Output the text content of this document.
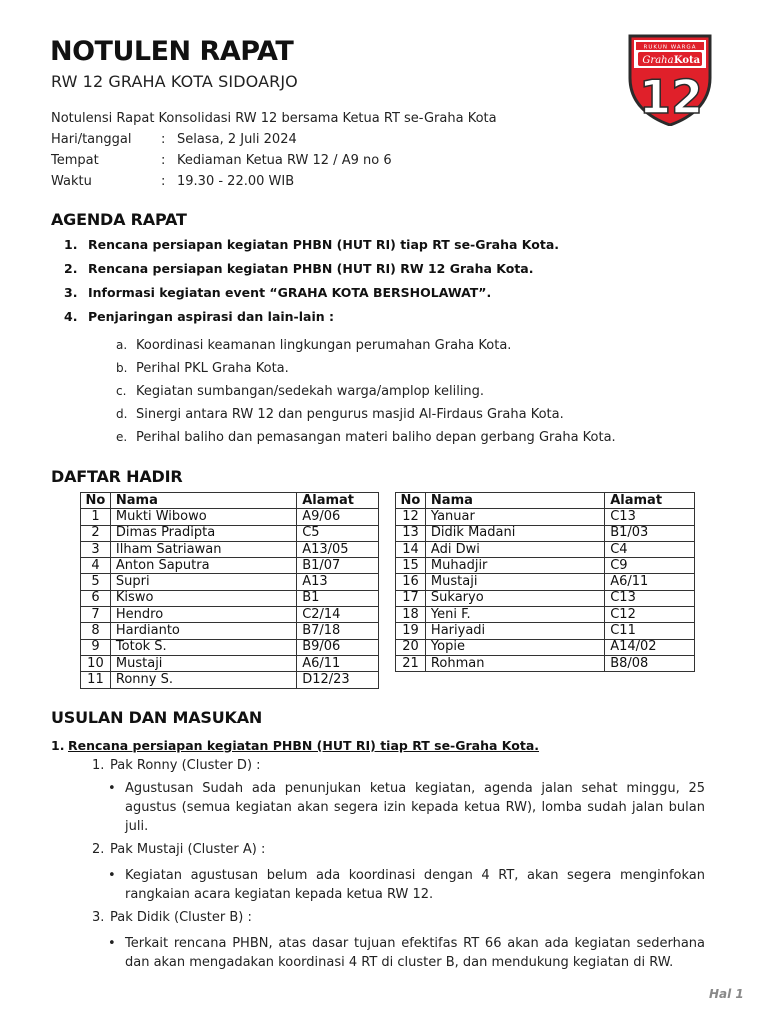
NOTULEN RAPAT
RW 12 GRAHA KOTA SIDOARJO
RUKUN WARGA
Graha Kota
12
Notulensi Rapat Konsolidasi RW 12 bersama Ketua RT se-Graha Kota
Hari/tanggal : Selasa, 2 Juli 2024
Tempat	: Kediaman Ketua RW 12 / A9 no 6
Waktu	: 19.30 - 22.00 WIB
AGENDA RAPAT
1. Rencana persiapan kegiatan PHBN (HUT RI) tiap RT se-Graha Kota.
2. Rencana persiapan kegiatan PHBN (HUT RI) RW 12 Graha Kota.
3. Informasi kegiatan event “GRAHA KOTA BERSHOLAWAT”.
4. Penjaringan aspirasi dan lain-lain :
a. Koordinasi keamanan lingkungan perumahan Graha Kota.
b. Perihal PKL Graha Kota.
c. Kegiatan sumbangan/sedekah warga/amplop keliling.
d. Sinergi antara RW 12 dan pengurus masjid Al-Firdaus Graha Kota.
e. Perihal baliho dan pemasangan materi baliho depan gerbang Graha Kota.
DAFTAR HADIR
No	Nama	Alamat
1	Mukti Wibowo	A9/06
2	Dimas Pradipta	C5
3	Ilham Satriawan	A13/05
4	Anton Saputra	B1/07
5	Supri	A13
6	Kiswo	B1
7	Hendro	C2/14
8	Hardianto	B7/18
9	Totok S.	B9/06
10	Mustaji	A6/11
11	Ronny S.	D12/23
No	Nama	Alamat
12	Yanuar	C13
13	Didik Madani	B1/03
14	Adi Dwi	C4
15	Muhadjir	C9
16	Mustaji	A6/11
17	Sukaryo	C13
18	Yeni F.	C12
19	Hariyadi	C11
20	Yopie	A14/02
21	Rohman	B8/08
USULAN DAN MASUKAN
1. Rencana persiapan kegiatan PHBN (HUT RI) tiap RT se-Graha Kota.
1. Pak Ronny (Cluster D) :
• Agustusan Sudah ada penunjukan ketua kegiatan, agenda jalan sehat minggu, 25 agustus (semua kegiatan akan segera izin kepada ketua RW), lomba sudah jalan bulan juli.
2. Pak Mustaji (Cluster A) :
• Kegiatan agustusan belum ada koordinasi dengan 4 RT, akan segera menginfokan rangkaian acara kegiatan kepada ketua RW 12.
3. Pak Didik (Cluster B) :
• Terkait rencana PHBN, atas dasar tujuan efektifas RT 66 akan ada kegiatan sederhana dan akan mengadakan koordinasi 4 RT di cluster B, dan mendukung kegiatan di RW.
Hal 1
